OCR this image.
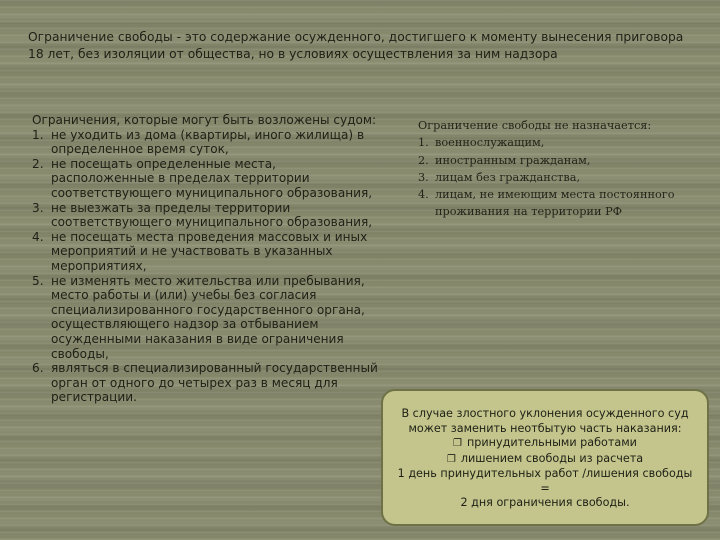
Ограничение свободы - это содержание осужденного, достигшего к моменту вынесения приговора
18 лет, без изоляции от общества, но в условиях осуществления за ним надзора
Ограничения, которые могут быть возложены судом:
1. не уходить из дома (квартиры, иного жилища) в
определенное время суток,
2. не посещать определенные места,
расположенные в пределах территории
соответствующего муниципального образования,
3. не выезжать за пределы территории
соответствующего муниципального образования,
4. не посещать места проведения массовых и иных
мероприятий и не участвовать в указанных
мероприятиях,
5. не изменять место жительства или пребывания,
место работы и (или) учебы без согласия
специализированного государственного органа,
осуществляющего надзор за отбыванием
осужденными наказания в виде ограничения
свободы,
6. являться в специализированный государственный
орган от одного до четырех раз в месяц для
регистрации.
Ограничение свободы не назначается:
1. военнослужащим,
2. иностранным гражданам,
3. лицам без гражданства,
4. лицам, не имеющим места постоянного
проживания на территории РФ
В случае злостного уклонения осужденного суд
может заменить неотбытую часть наказания:
❐ принудительными работами
❐ лишением свободы из расчета
1 день принудительных работ /лишения свободы
=
2 дня ограничения свободы.
